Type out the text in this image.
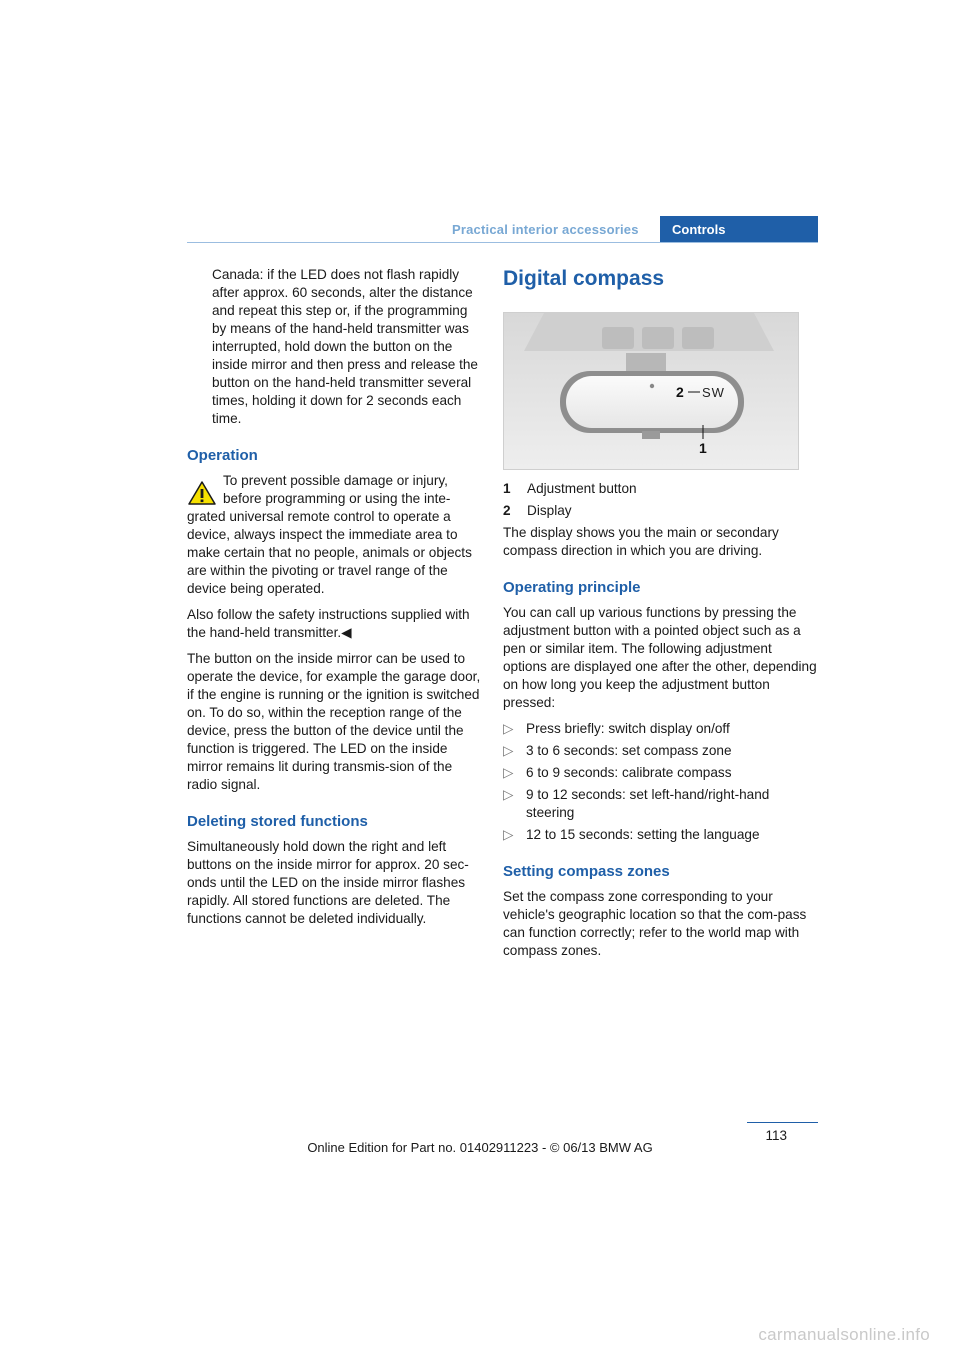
Practical interior accessories	Controls

Canada: if the LED does not flash rapidly after approx. 60 seconds, alter the distance and repeat this step or, if the programming by means of the hand-held transmitter was interrupted, hold down the button on the inside mirror and then press and release the button on the hand-held transmitter several times, holding it down for 2 seconds each time.

Operation

To prevent possible damage or injury, before programming or using the inte-
grated universal remote control to operate a device, always inspect the immediate area to make certain that no people, animals or objects are within the pivoting or travel range of the device being operated.

Also follow the safety instructions supplied with the hand-held transmitter.◀

The button on the inside mirror can be used to operate the device, for example the garage door, if the engine is running or the ignition is switched on. To do so, within the reception range of the device, press the button of the device until the function is triggered. The LED on the inside mirror remains lit during transmis-sion of the radio signal.

Deleting stored functions

Simultaneously hold down the right and left buttons on the inside mirror for approx. 20 sec-onds until the LED on the inside mirror flashes rapidly. All stored functions are deleted. The functions cannot be deleted individually.

Digital compass
2 SW
1
1	Adjustment button
2	Display

The display shows you the main or secondary compass direction in which you are driving.

Operating principle

You can call up various functions by pressing the adjustment button with a pointed object such as a pen or similar item. The following adjustment options are displayed one after the other, depending on how long you keep the adjustment button pressed:

▷ Press briefly: switch display on/off
▷ 3 to 6 seconds: set compass zone
▷ 6 to 9 seconds: calibrate compass
▷ 9 to 12 seconds: set left-hand/right-hand steering
▷ 12 to 15 seconds: setting the language
Setting compass zones

Set the compass zone corresponding to your vehicle's geographic location so that the com-pass can function correctly; refer to the world map with compass zones.

113
Online Edition for Part no. 01402911223 - © 06/13 BMW AG
carmanualsonline.info
